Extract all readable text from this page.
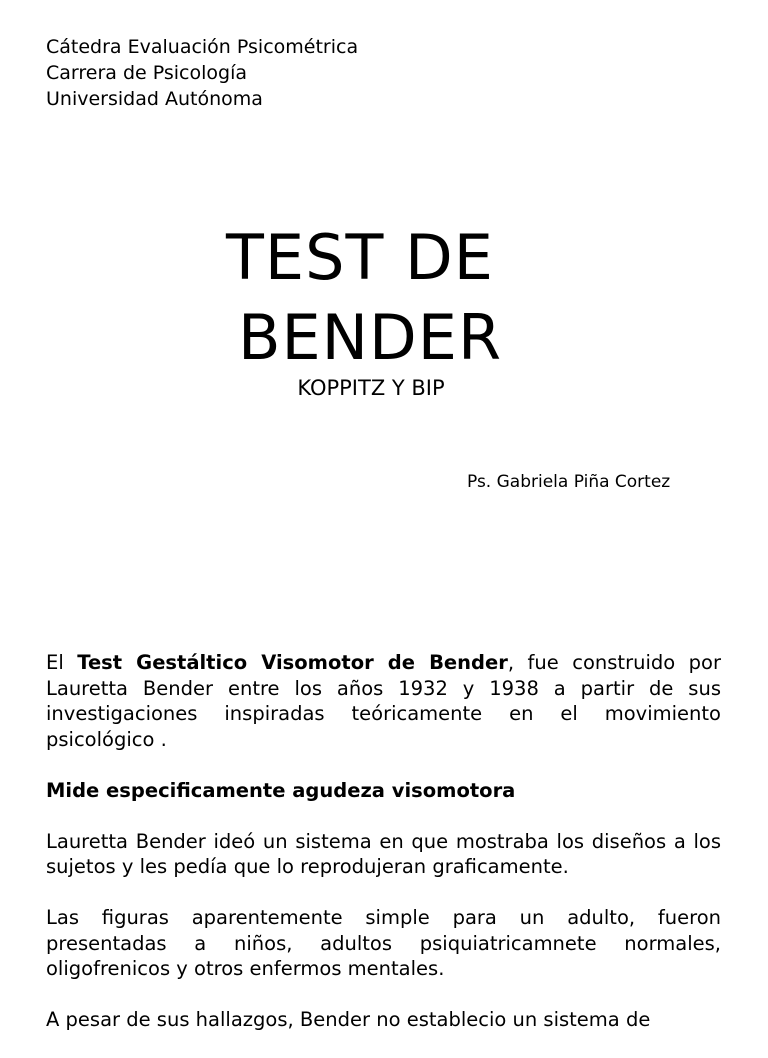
Cátedra Evaluación Psicométrica
Carrera de Psicología
Universidad Autónoma
TEST DE
BENDER
KOPPITZ Y BIP
Ps. Gabriela Piña Cortez

El Test Gestáltico Visomotor de Bender, fue construido por Lauretta Bender entre los años 1932 y 1938 a partir de sus investigaciones inspiradas teóricamente en el movimiento psicológico .

Mide especificamente agudeza visomotora

Lauretta Bender ideó un sistema en que mostraba los diseños a los sujetos y les pedía que lo reprodujeran graficamente.

Las figuras aparentemente simple para un adulto, fueron presentadas a niños, adultos psiquiatricamnete normales, oligofrenicos y otros enfermos mentales.

A pesar de sus hallazgos, Bender no establecio un sistema de
